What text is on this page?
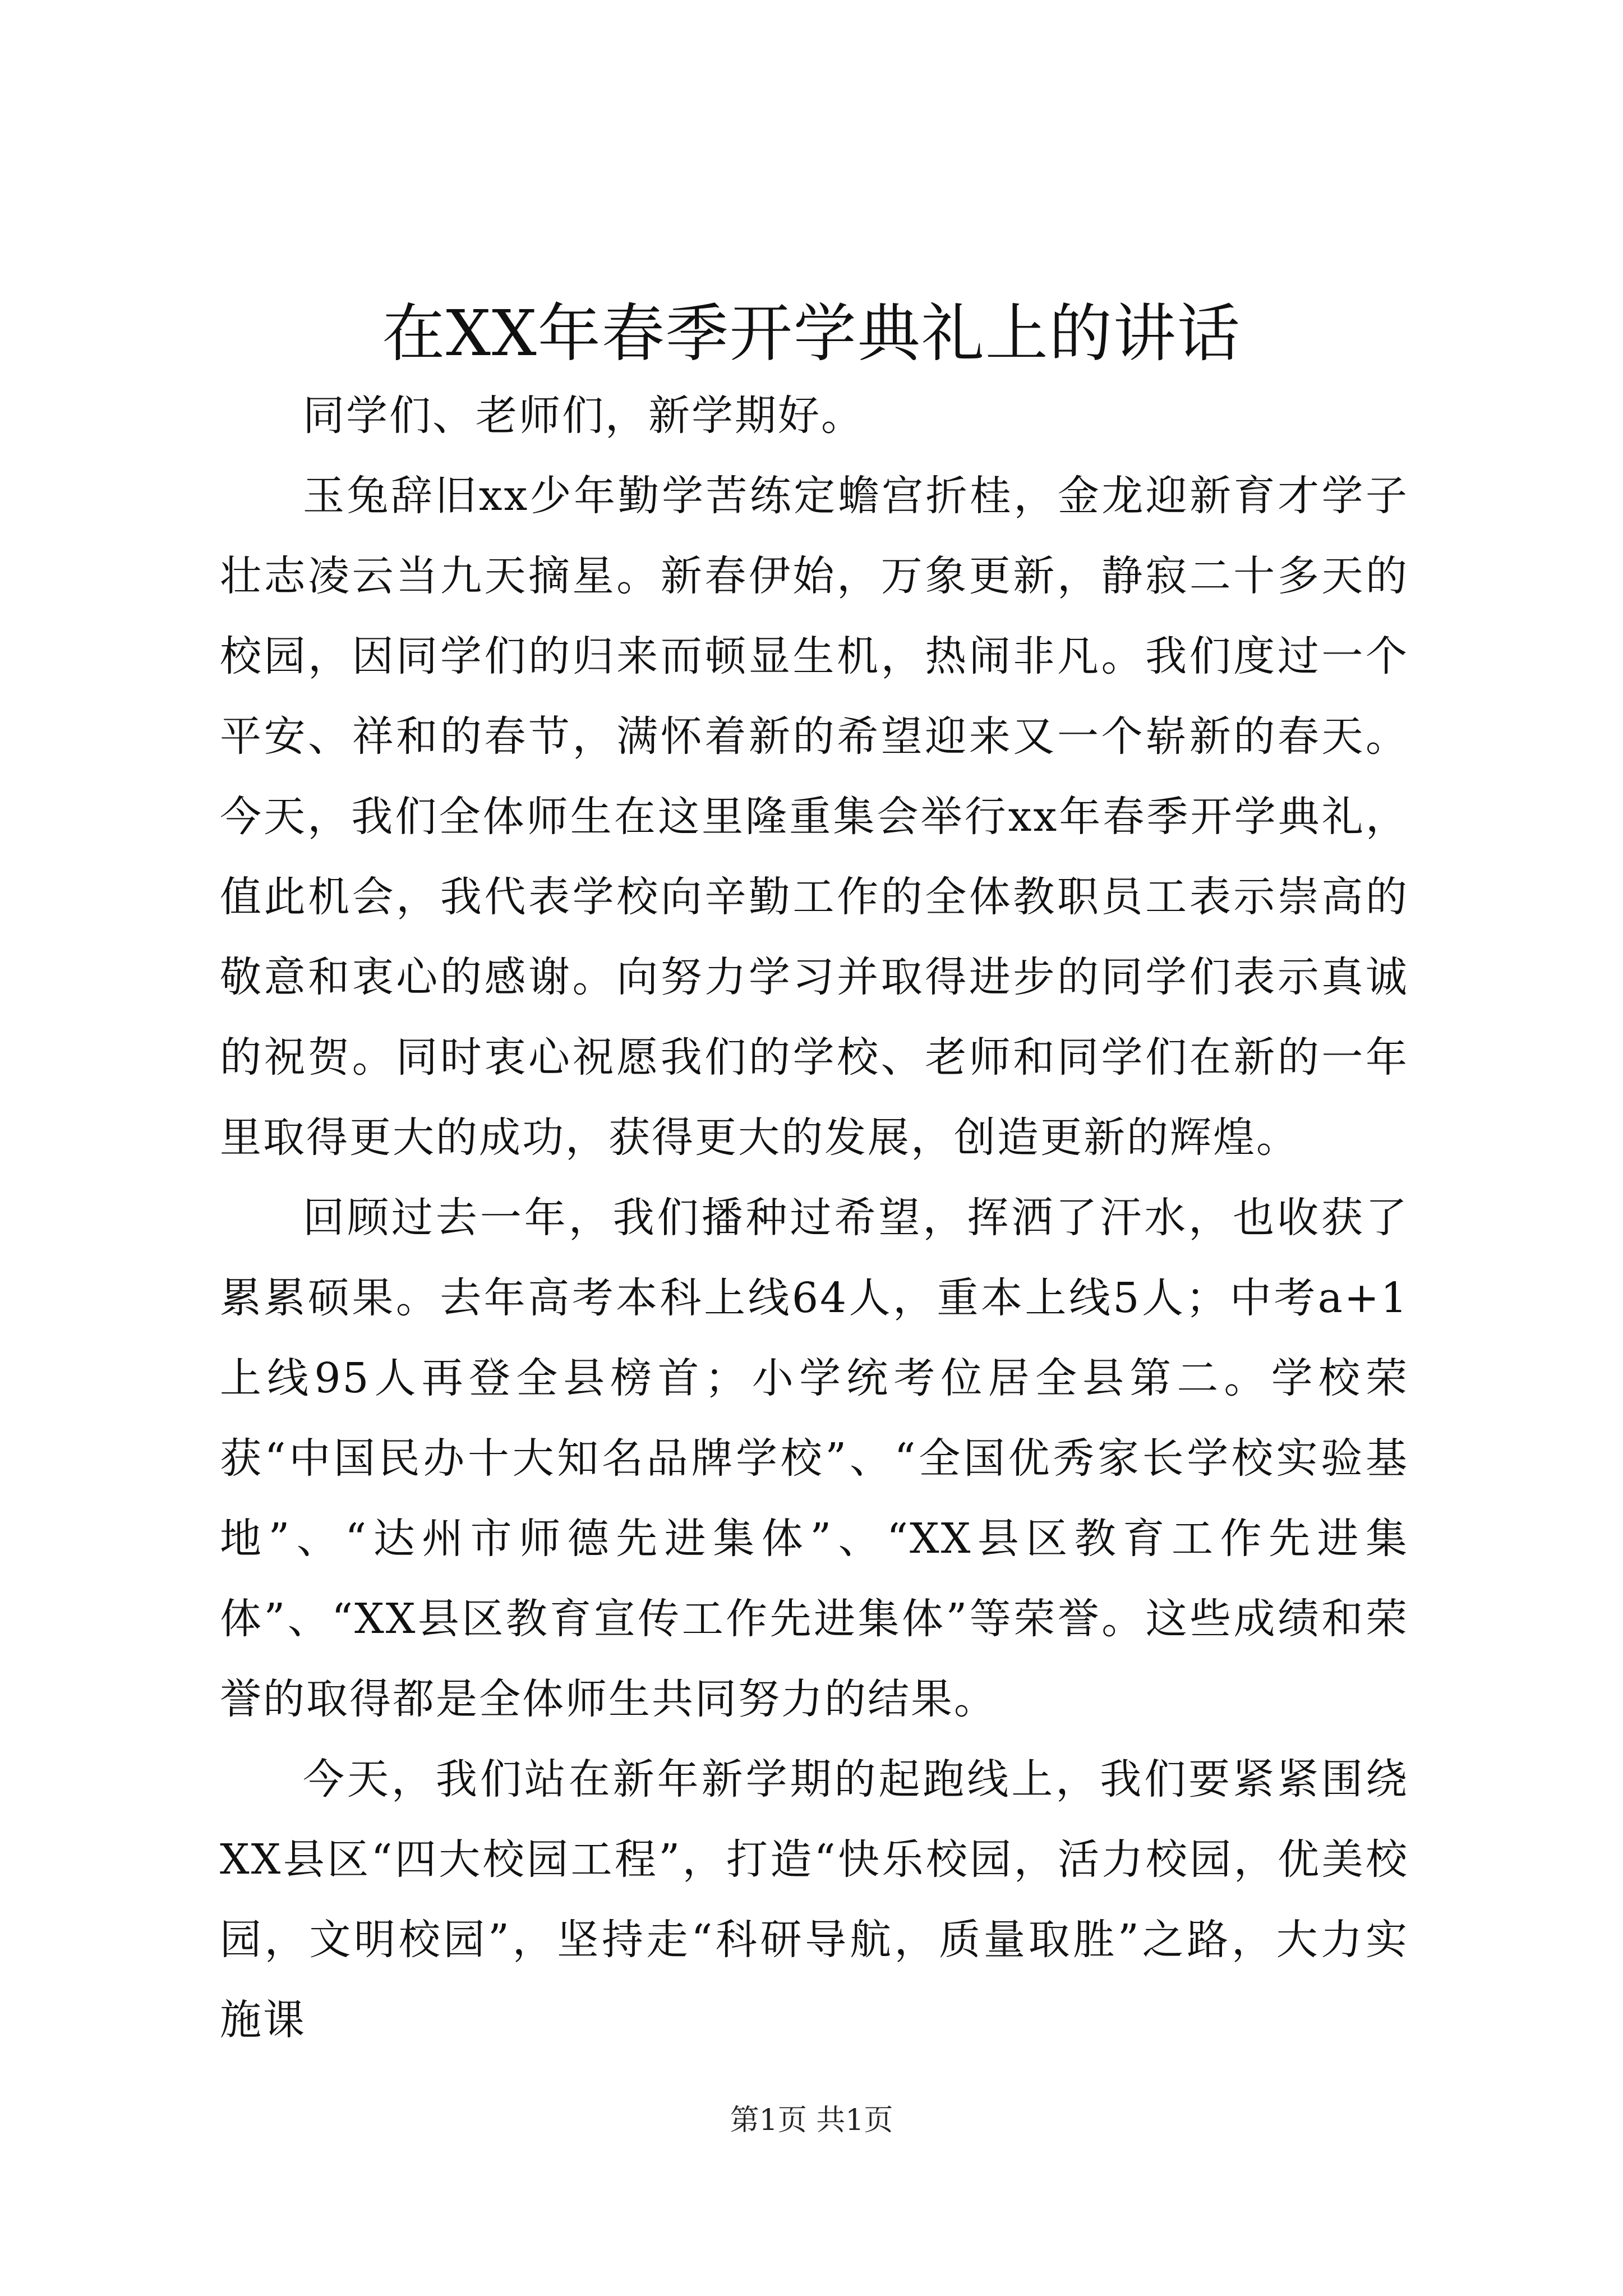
在XX年春季开学典礼上的讲话

同学们、老师们，新学期好。

玉兔辞旧xx少年勤学苦练定蟾宫折桂，金龙迎新育才学子壮志凌云当九天摘星。新春伊始，万象更新，静寂二十多天的校园，因同学们的归来而顿显生机，热闹非凡。我们度过一个平安、祥和的春节，满怀着新的希望迎来又一个崭新的春天。今天，我们全体师生在这里隆重集会举行xx年春季开学典礼，值此机会，我代表学校向辛勤工作的全体教职员工表示崇高的敬意和衷心的感谢。向努力学习并取得进步的同学们表示真诚的祝贺。同时衷心祝愿我们的学校、老师和同学们在新的一年里取得更大的成功，获得更大的发展，创造更新的辉煌。

回顾过去一年，我们播种过希望，挥洒了汗水，也收获了累累硕果。去年高考本科上线64人，重本上线5人；中考a+1上线95人再登全县榜首；小学统考位居全县第二。学校荣获“中国民办十大知名品牌学校”、“全国优秀家长学校实验基地”、“达州市师德先进集体”、“XX县区教育工作先进集体”、“XX县区教育宣传工作先进集体”等荣誉。这些成绩和荣誉的取得都是全体师生共同努力的结果。

今天，我们站在新年新学期的起跑线上，我们要紧紧围绕XX县区“四大校园工程”，打造“快乐校园，活力校园，优美校园，文明校园”，坚持走“科研导航，质量取胜”之路，大力实施课

第1页 共1页
